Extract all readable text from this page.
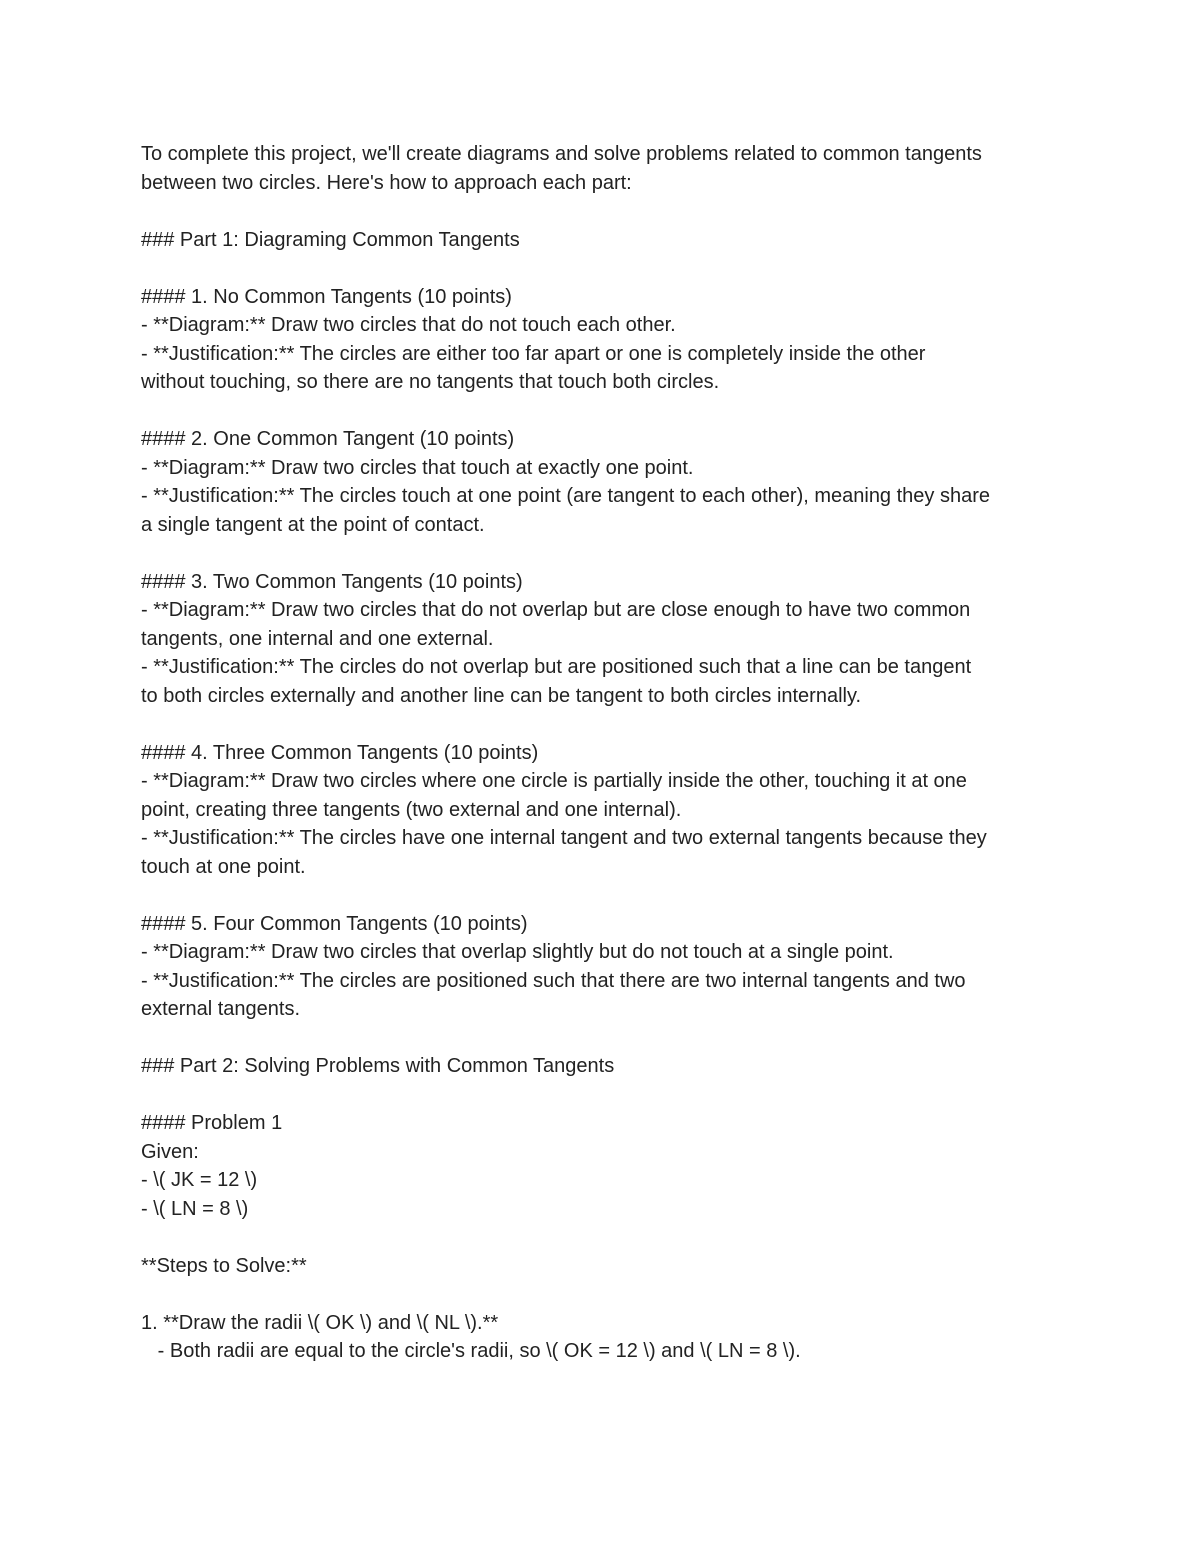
To complete this project, we'll create diagrams and solve problems related to common tangents
between two circles. Here's how to approach each part:
### Part 1: Diagraming Common Tangents
#### 1. No Common Tangents (10 points)
- **Diagram:** Draw two circles that do not touch each other.
- **Justification:** The circles are either too far apart or one is completely inside the other
without touching, so there are no tangents that touch both circles.
#### 2. One Common Tangent (10 points)
- **Diagram:** Draw two circles that touch at exactly one point.
- **Justification:** The circles touch at one point (are tangent to each other), meaning they share
a single tangent at the point of contact.
#### 3. Two Common Tangents (10 points)
- **Diagram:** Draw two circles that do not overlap but are close enough to have two common
tangents, one internal and one external.
- **Justification:** The circles do not overlap but are positioned such that a line can be tangent
to both circles externally and another line can be tangent to both circles internally.
#### 4. Three Common Tangents (10 points)
- **Diagram:** Draw two circles where one circle is partially inside the other, touching it at one
point, creating three tangents (two external and one internal).
- **Justification:** The circles have one internal tangent and two external tangents because they
touch at one point.
#### 5. Four Common Tangents (10 points)
- **Diagram:** Draw two circles that overlap slightly but do not touch at a single point.
- **Justification:** The circles are positioned such that there are two internal tangents and two
external tangents.
### Part 2: Solving Problems with Common Tangents
#### Problem 1
Given:
- \( JK = 12 \)
- \( LN = 8 \)
**Steps to Solve:**
1. **Draw the radii \( OK \) and \( NL \).**
- Both radii are equal to the circle's radii, so \( OK = 12 \) and \( LN = 8 \).
